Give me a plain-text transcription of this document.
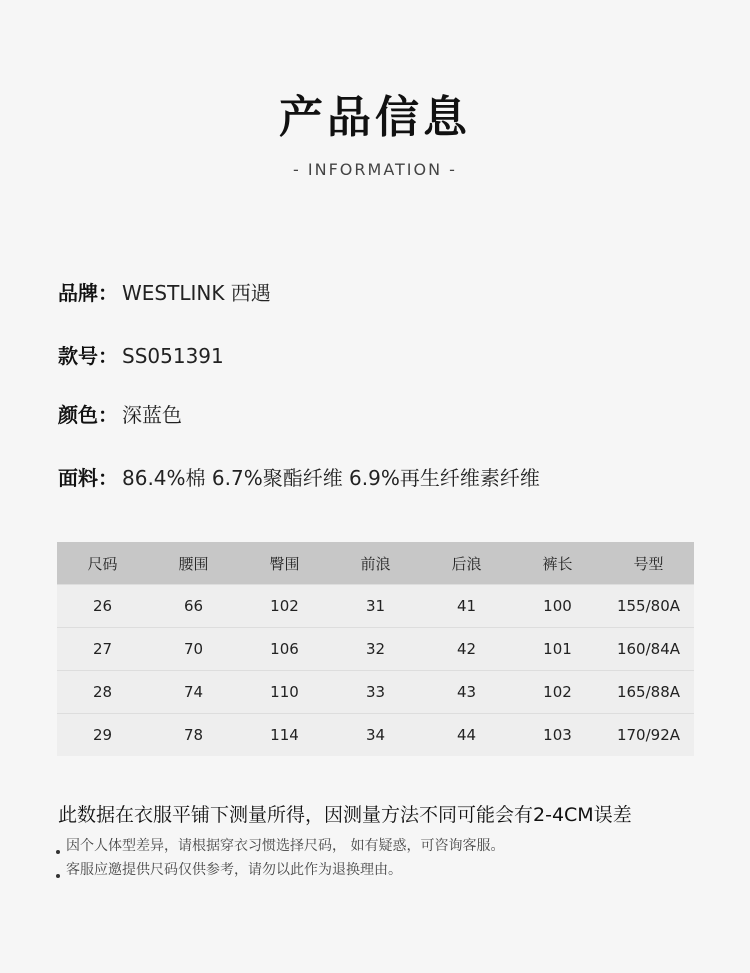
产品信息
- INFORMATION -
品牌： WESTLINK 西遇
款号： SS051391
颜色： 深蓝色
面料： 86.4%棉 6.7%聚酯纤维 6.9%再生纤维素纤维
尺码	腰围	臀围	前浪	后浪	裤长	号型
26	66	102	31	41	100	155/80A
27	70	106	32	42	101	160/84A
28	74	110	33	43	102	165/88A
29	78	114	34	44	103	170/92A
此数据在衣服平铺下测量所得，因测量方法不同可能会有2-4CM误差
因个人体型差异，请根据穿衣习惯选择尺码， 如有疑惑，可咨询客服。
客服应邀提供尺码仅供参考，请勿以此作为退换理由。
